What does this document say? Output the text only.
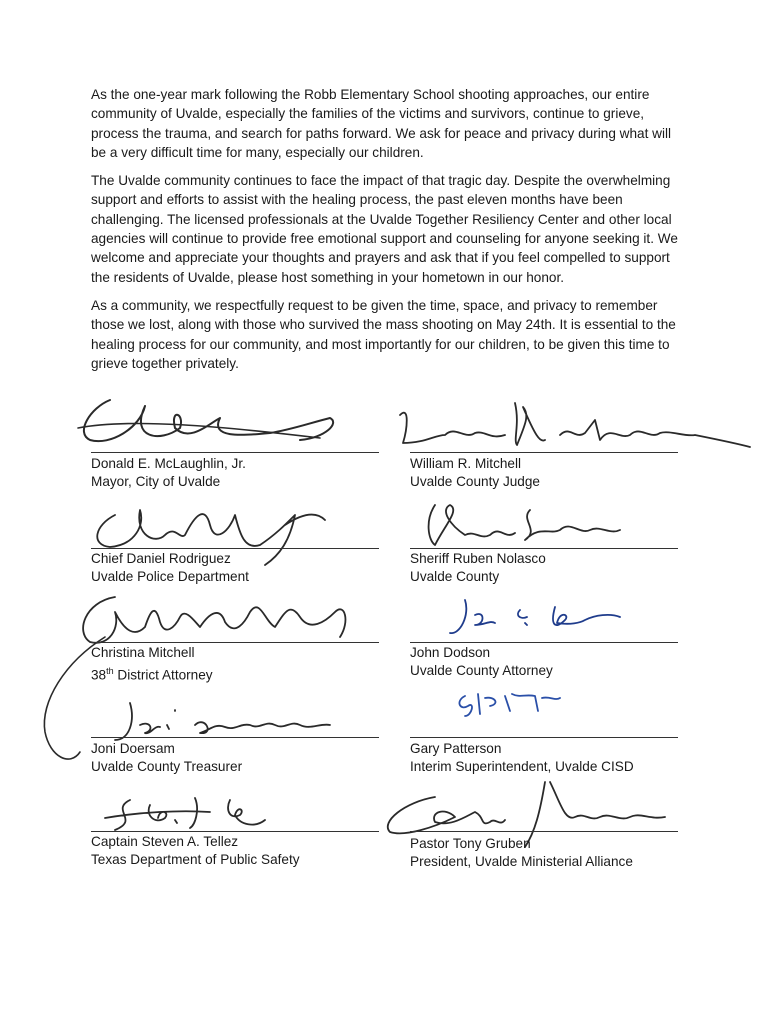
As the one-year mark following the Robb Elementary School shooting approaches, our entire community of Uvalde, especially the families of the victims and survivors, continue to grieve, process the trauma, and search for paths forward. We ask for peace and privacy during what will be a very difficult time for many, especially our children.

The Uvalde community continues to face the impact of that tragic day. Despite the overwhelming support and efforts to assist with the healing process, the past eleven months have been challenging. The licensed professionals at the Uvalde Together Resiliency Center and other local agencies will continue to provide free emotional support and counseling for anyone seeking it. We welcome and appreciate your thoughts and prayers and ask that if you feel compelled to support the residents of Uvalde, please host something in your hometown in our honor.

As a community, we respectfully request to be given the time, space, and privacy to remember those we lost, along with those who survived the mass shooting on May 24th. It is essential to the healing process for our community, and most importantly for our children, to be given this time to grieve together privately.

Donald E. McLaughlin, Jr.
Mayor, City of Uvalde
William R. Mitchell
Uvalde County Judge
Chief Daniel Rodriguez
Uvalde Police Department
Sheriff Ruben Nolasco
Uvalde County
Christina Mitchell
38th District Attorney
John Dodson
Uvalde County Attorney
Joni Doersam
Uvalde County Treasurer
Gary Patterson
Interim Superintendent, Uvalde CISD
Captain Steven A. Tellez
Texas Department of Public Safety
Pastor Tony Gruben
President, Uvalde Ministerial Alliance
